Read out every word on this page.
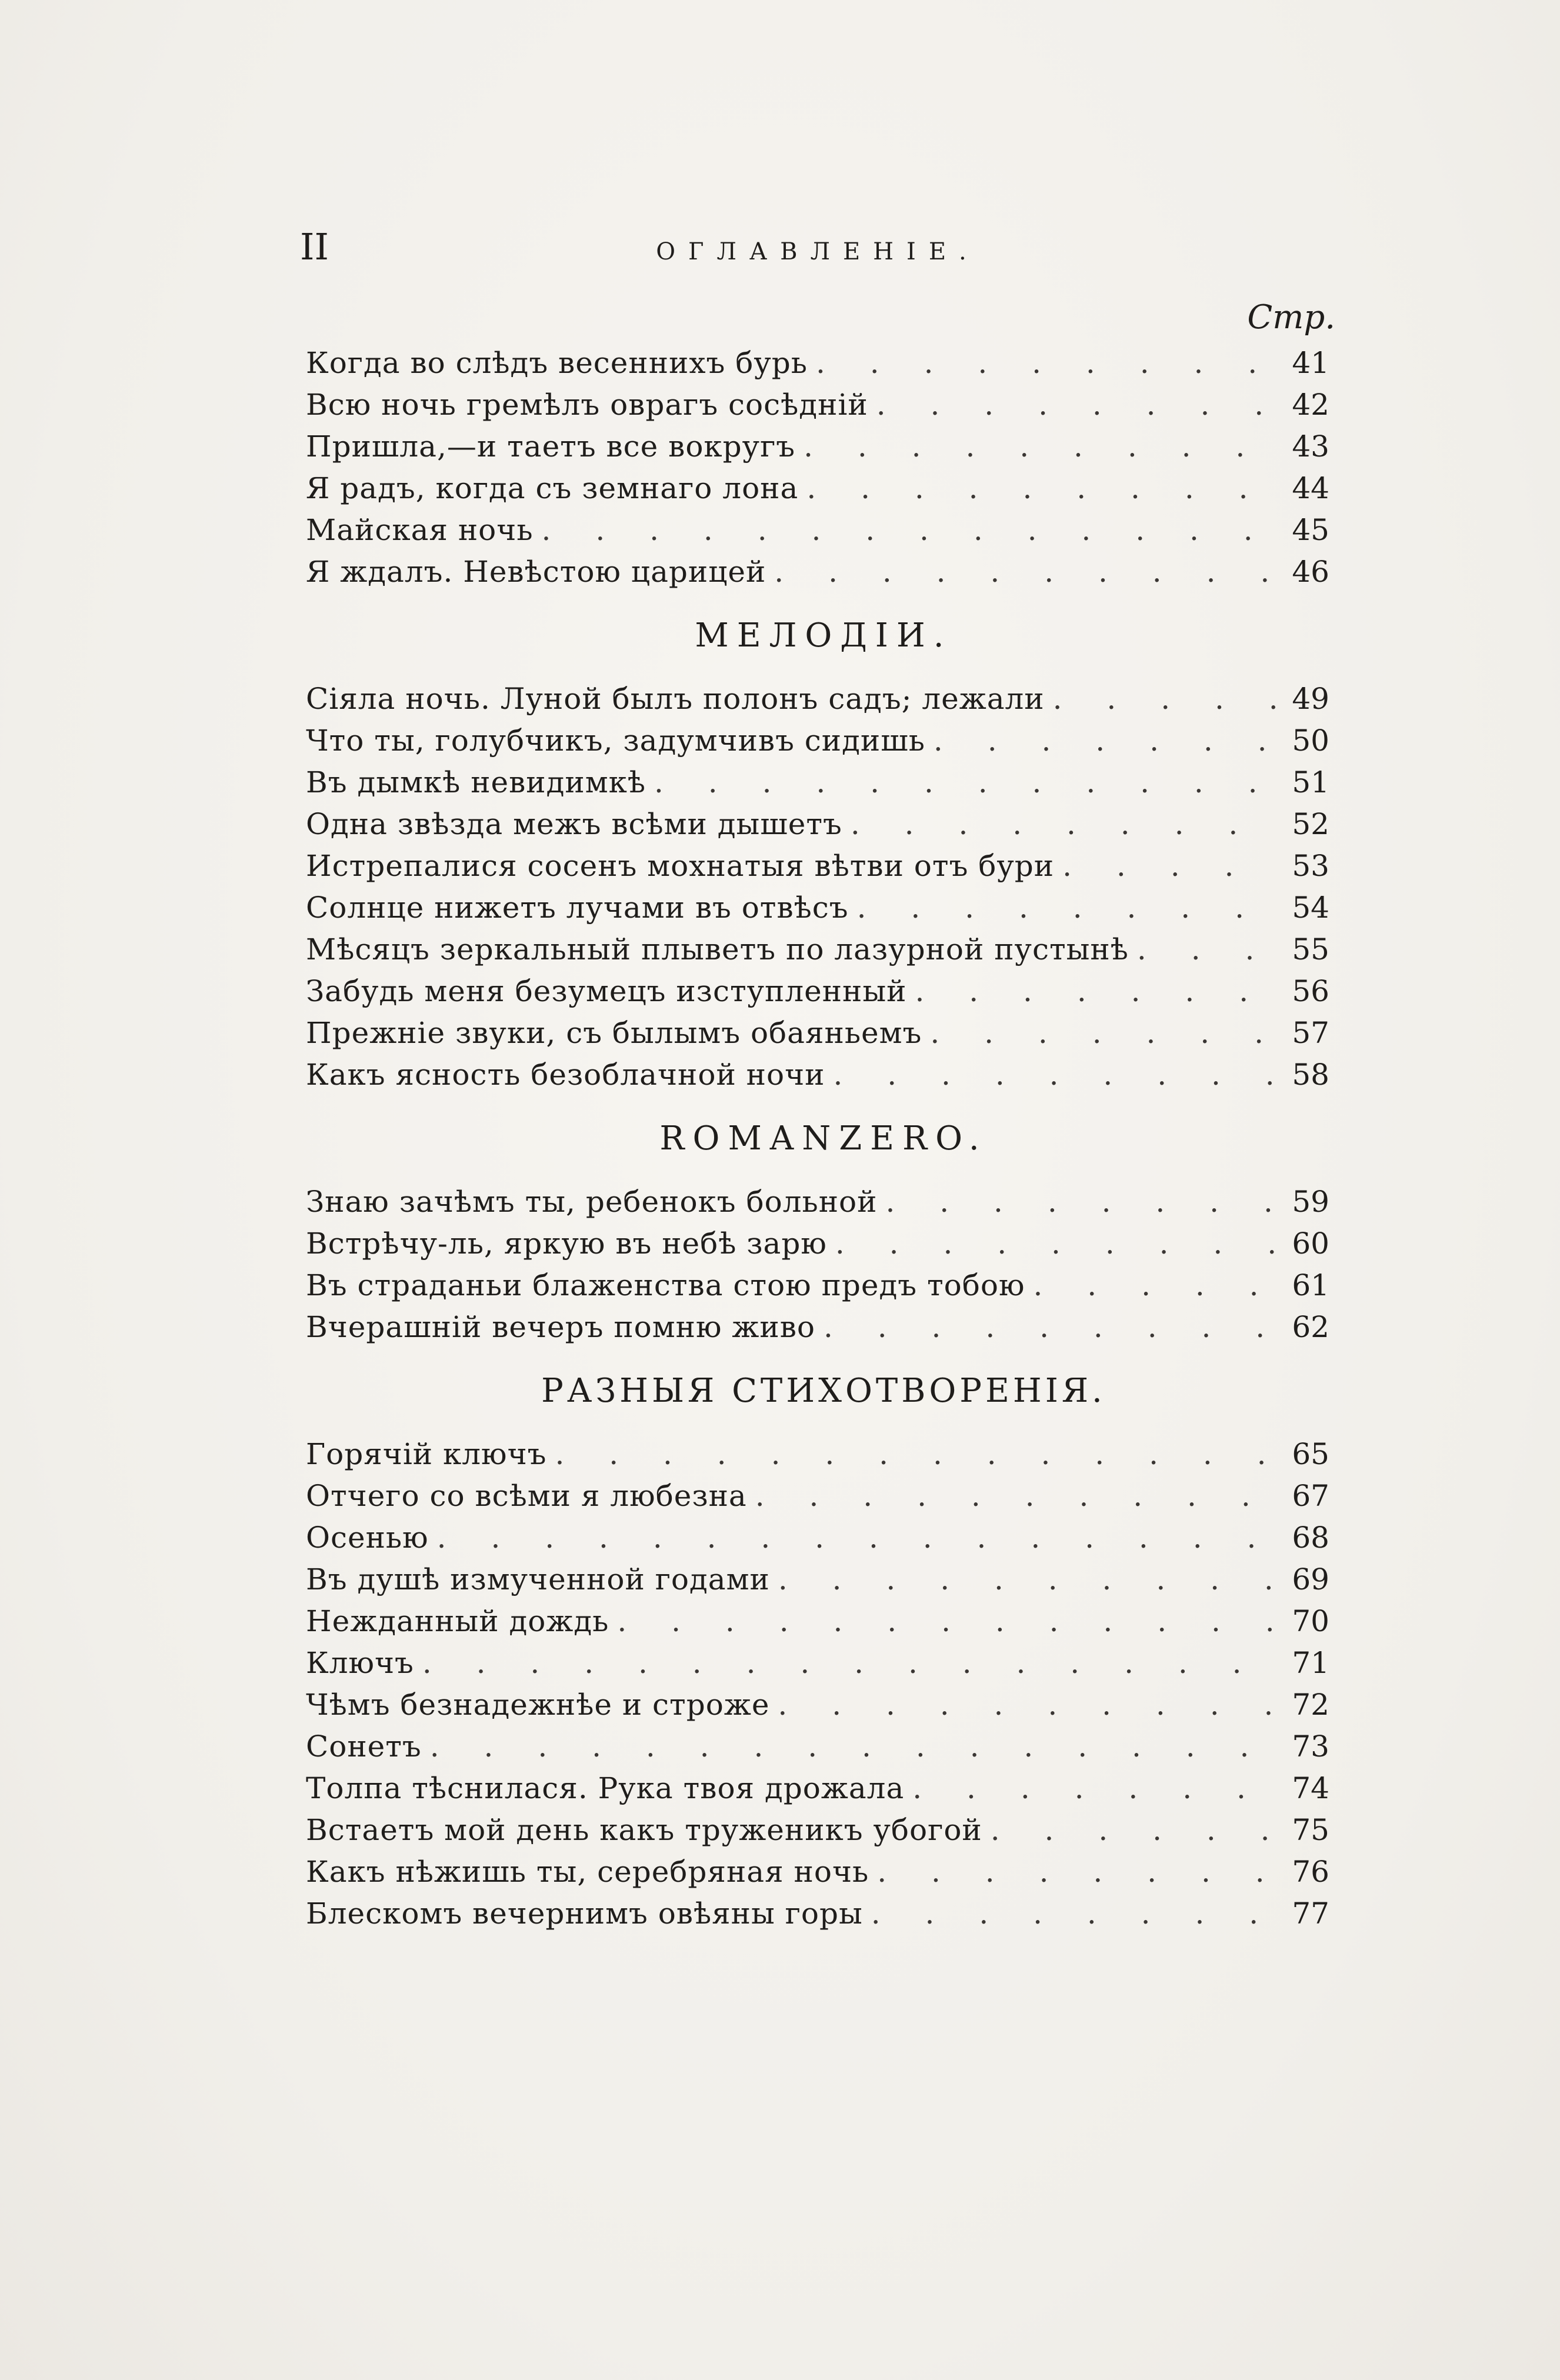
II	ОГЛАВЛЕНІЕ.
Стр.
Когда во слѣдъ весеннихъ бурь . . .	41
Всю ночь гремѣлъ оврагъ сосѣднiй . . .	42
Пришла,—и таетъ все вокругъ . . .	43
Я радъ, когда съ земнаго лона . . .	44
Майская ночь . . .	45
Я ждалъ. Невѣстою царицей . . .	46
МЕЛОДIИ.
Сiяла ночь. Луной былъ полонъ садъ; лежали . . .	49
Что ты, голубчикъ, задумчивъ сидишь . . .	50
Въ дымкѣ невидимкѣ . . .	51
Одна звѣзда межъ всѣми дышетъ . . .	52
Истрепалися сосенъ мохнатыя вѣтви отъ бури . . .	53
Солнце нижетъ лучами въ отвѣсъ . . .	54
Мѣсяцъ зеркальный плыветъ по лазурной пустынѣ . . .	55
Забудь меня безумецъ изступленный . . .	56
Прежнiе звуки, съ былымъ обаяньемъ . . .	57
Какъ ясность безоблачной ночи . . .	58
ROMANZERO.
Знаю зачѣмъ ты, ребенокъ больной . . .	59
Встрѣчу-ль, яркую въ небѣ зарю . . .	60
Въ страданьи блаженства стою предъ тобою . . .	61
Вчерашнiй вечеръ помню живо . . .	62
РАЗНЫЯ СТИХОТВОРЕНIЯ.
Горячiй ключъ . . .	65
Отчего со всѣми я любезна . . .	67
Осенью . . .	68
Въ душѣ измученной годами . . .	69
Нежданный дождь . . .	70
Ключъ . . .	71
Чѣмъ безнадежнѣе и строже . . .	72
Сонетъ . . .	73
Толпа тѣснилася. Рука твоя дрожала . . .	74
Встаетъ мой день какъ труженикъ убогой . . .	75
Какъ нѣжишь ты, серебряная ночь . . .	76
Блескомъ вечернимъ овѣяны горы . . .	77
